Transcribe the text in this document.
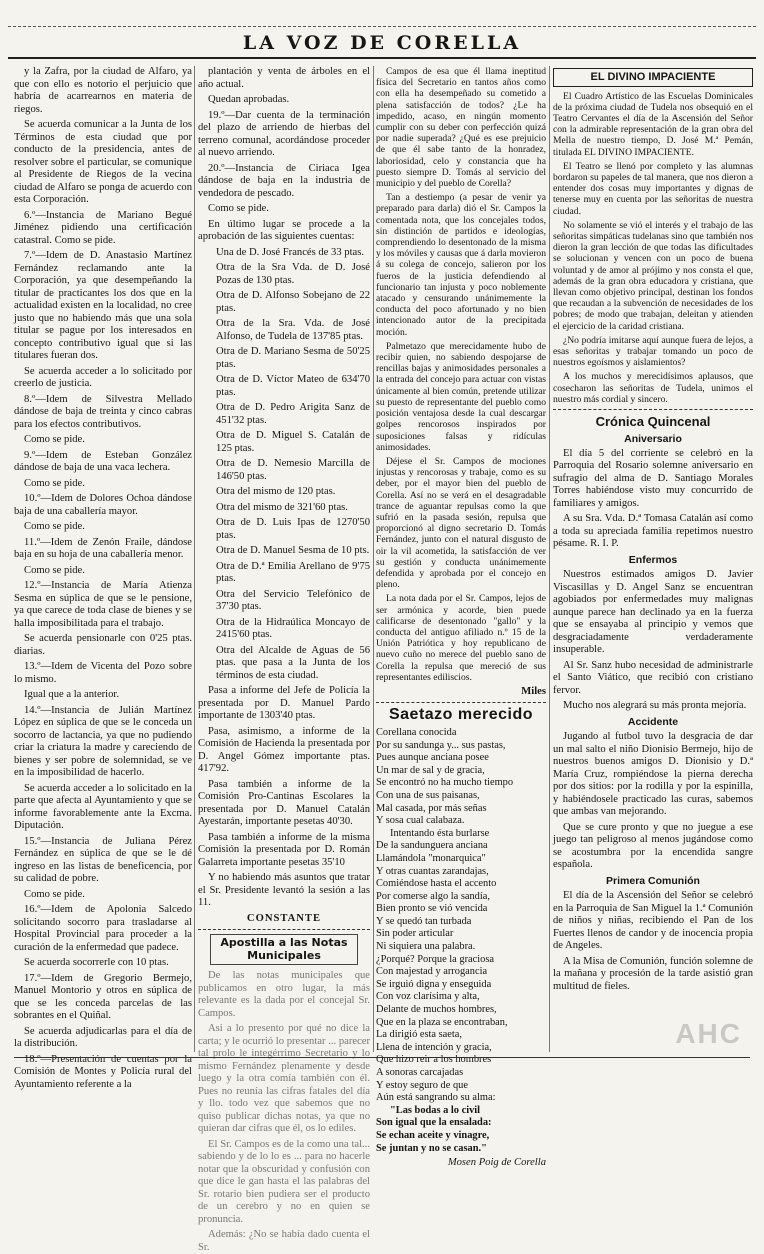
LA VOZ DE CORELLA

y la Zafra, por la ciudad de Alfaro, ya que con ello es notorio el perjuicio que habría de acarrearnos en materia de riegos.

Se acuerda comunicar a la Junta de los Términos de esta ciudad que por conducto de la presidencia, antes de resolver sobre el particular, se comunique al Presidente de Riegos de la vecina ciudad de Alfaro se ponga de acuerdo con esta Corporación.

6.º—Instancia de Mariano Begué Jiménez pidiendo una certificación catastral. Como se pide.

7.º—Idem de D. Anastasio Martínez Fernández reclamando ante la Corporación, ya que desempeñando la titular de practicantes los dos que en la actualidad existen en la localidad, no cree justo que no habiendo más que una sola titular se pague por los interesados en concepto contributivo igual que si las titulares fueran dos.

Se acuerda acceder a lo solicitado por creerlo de justicia.

8.º—Idem de Silvestra Mellado dándose de baja de treinta y cinco cabras para los efectos contributivos.

Como se pide.

9.º—Idem de Esteban González dándose de baja de una vaca lechera.

Como se pide.

10.º—Idem de Dolores Ochoa dándose baja de una caballería mayor.

Como se pide.

11.º—Idem de Zenón Fraile, dándose baja en su hoja de una caballería menor.

Como se pide.

12.º—Instancia de María Atienza Sesma en súplica de que se le pensione, ya que carece de toda clase de bienes y se halla imposibilitada para el trabajo.

Se acuerda pensionarle con 0'25 ptas. diarias.

13.º—Idem de Vicenta del Pozo sobre lo mismo.

Igual que a la anterior.

14.º—Instancia de Julián Martínez López en súplica de que se le conceda un socorro de lactancia, ya que no pudiendo criar la criatura la madre y careciendo de bienes y ser pobre de solemnidad, se ve en la imposibilidad de hacerlo.

Se acuerda acceder a lo solicitado en la parte que afecta al Ayuntamiento y que se informe favorablemente ante la Excma. Diputación.

15.º—Instancia de Juliana Pérez Fernández en súplica de que se le dé ingreso en las listas de beneficencia, por su calidad de pobre.

Como se pide.

16.º—Idem de Apolonia Salcedo solicitando socorro para trasladarse al Hospital Provincial para proceder a la curación de la enfermedad que padece.

Se acuerda socorrerle con 10 ptas.

17.º—Idem de Gregorio Bermejo, Manuel Montorio y otros en súplica de que se les conceda parcelas de las sobrantes en el Quiñal.

Se acuerda adjudicarlas para el día de la distribución.

18.º—Presentación de cuentas por la Comisión de Montes y Policía rural del Ayuntamiento referente a la

plantación y venta de árboles en el año actual.

Quedan aprobadas.

19.º—Dar cuenta de la terminación del plazo de arriendo de hierbas del terreno comunal, acordándose proceder al nuevo arriendo.

20.º—Instancia de Ciriaca Igea dándose de baja en la industria de vendedora de pescado.

Como se pide.

En último lugar se procede a la aprobación de las siguientes cuentas:

Una de D. José Francés de 33 ptas.

Otra de la Sra Vda. de D. José Pozas de 130 ptas.

Otra de D. Alfonso Sobejano de 22 ptas.

Otra de la Sra. Vda. de José Alfonso, de Tudela de 137'85 ptas.

Otra de D. Mariano Sesma de 50'25 ptas.

Otra de D. Víctor Mateo de 634'70 ptas.

Otra de D. Pedro Arigita Sanz de 451'32 ptas.

Otra de D. Miguel S. Catalán de 125 ptas.

Otra de D. Nemesio Marcilla de 146'50 ptas.

Otra del mismo de 120 ptas.

Otra del mismo de 321'60 ptas.

Otra de D. Luis Ipas de 1270'50 ptas.

Otra de D. Manuel Sesma de 10 pts.

Otra de D.ª Emilia Arellano de 9'75 ptas.

Otra del Servicio Telefónico de 37'30 ptas.

Otra de la Hidraúlica Moncayo de 2415'60 ptas.

Otra del Alcalde de Aguas de 56 ptas. que pasa a la Junta de los términos de esta ciudad.

Pasa a informe del Jefe de Policía la presentada por D. Manuel Pardo importante de 1303'40 ptas.

Pasa, asimismo, a informe de la Comisión de Hacienda la presentada por D. Angel Gómez importante ptas. 417'92.

Pasa también a informe de la Comisión Pro-Cantinas Escolares la presentada por D. Manuel Catalán Ayestarán, importante pesetas 40'30.

Pasa también a informe de la misma Comisión la presentada por D. Román Galarreta importante pesetas 35'10

Y no habiendo más asuntos que tratar el Sr. Presidente levantó la sesión a las 11.

CONSTANTE
Apostilla a las Notas Municipales

De las notas municipales que publicamos en otro lugar, la más relevante es la dada por el concejal Sr. Campos.

Asi a lo presento por qué no dice la carta; y le ocurrió lo presentar ... parecer tal prolo le integérrimo Secretario y lo mismo Fernández plenamente y desde luego y la otra comía también con él. Pues no reunía las cifras fatales del día y llo. todo vez que sabemos que no quiso publicar dichas notas, ya que no quieran dar cifras que él, os lo ediles.

El Sr. Campos es de la como una tal... sabiendo y de lo lo es ... para no hacerle notar que la obscuridad y confusión con que dice le gan hasta el las palabras del Sr. rotario bien pudiera ser el producto de un cerebro y no en quien se pronuncia.

Además: ¿No se había dado cuenta el Sr.

Campos de esa que él llama ineptitud física del Secretario en tantos años como con ella ha desempeñado su cometido a plena satisfacción de todos? ¿Le ha impedido, acaso, en ningún momento cumplir con su deber con perfección quizá por nadie superada? ¿Qué es ese prejuicio de que él sabe tanto de la honradez, laboriosidad, celo y constancia que ha puesto siempre D. Tomás al servicio del municipio y del pueblo de Corella?

Tan a destiempo (a pesar de venir ya preparado para darla) dió el Sr. Campos la comentada nota, que los concejales todos, sin distinción de partidos e ideologías, comprendiendo lo desentonado de la misma y los móviles y causas que á darla movieron á su colega de concejo, salieron por los fueros de la justicia defendiendo al funcionario tan injusta y poco noblemente atacado y censurando unánimemente la conducta del poco afortunado y no bien intencionado autor de la precipitada moción.

Palmetazo que merecidamente hubo de recibir quien, no sabiendo despojarse de rencillas bajas y animosidades personales a la entrada del concejo para actuar con vistas únicamente al bien común, pretende utilizar su puesto de representante del pueblo como posición ventajosa desde la cual descargar golpes rencorosos inspirados por suposiciones falsas y ridículas animosidades.

Déjese el Sr. Campos de mociones injustas y rencorosas y trabaje, como es su deber, por el mayor bien del pueblo de Corella. Así no se verá en el desagradable trance de aguantar repulsas como la que sufrió en la pasada sesión, repulsa que proporcionó al digno secretario D. Tomás Fernández, junto con el natural disgusto de oir la vil acometida, la satisfacción de ver su gestión y conducta unánimemente defendida y aprobada por el concejo en pleno.

La nota dada por el Sr. Campos, lejos de ser armónica y acorde, bien puede calificarse de desentonado "gallo" y la conducta del antiguo afiliado n.º 15 de la Unión Patriótica y hoy republicano de nuevo cuño no merece del pueblo sano de Corella la repulsa que mereció de sus representantes ediliscios.

Miles
Saetazo merecido

Corellana conocida

Por su sandunga y... sus pastas,

Pues aunque anciana posee

Un mar de sal y de gracia,

Se encontró no ha mucho tiempo

Con una de sus paisanas,

Mal casada, por más señas

Y sosa cual calabaza.

Intentando ésta burlarse

De la sandunguera anciana

Llamándola "monarquica"

Y otras cuantas zarandajas,

Comiéndose hasta el accento

Por comerse algo la sandía,

Bien pronto se vió vencida

Y se quedó tan turbada

Sin poder articular

Ni siquiera una palabra.

¿Porqué? Porque la graciosa

Con majestad y arrogancia

Se irguió digna y enseguida

Con voz clarísima y alta,

Delante de muchos hombres,

Que en la plaza se encontraban,

La dirigió esta saeta,

Llena de intención y gracia,

Que hizo reir a los hombres

A sonoras carcajadas

Y estoy seguro de que

Aún está sangrando su alma:

"Las bodas a lo civil

Son igual que la ensalada:

Se echan aceite y vinagre,

Se juntan y no se casan."

Mosen Poig de Corella
EL DIVINO IMPACIENTE

El Cuadro Artístico de las Escuelas Dominicales de la próxima ciudad de Tudela nos obsequió en el Teatro Cervantes el día de la Ascensión del Señor con la admirable representación de la gran obra del Mella de nuestro tiempo, D. José M.ª Pemán, titulada EL DIVINO IMPACIENTE.

El Teatro se llenó por completo y las alumnas bordaron su papeles de tal manera, que nos dieron a entender dos cosas muy importantes y dignas de tenerse muy en cuenta por las señoritas de nuestra ciudad.

No solamente se vió el interés y el trabajo de las señoritas simpáticas tudelanas sino que también nos dieron la gran lección de que todas las dificultades se solucionan y vencen con un poco de buena voluntad y de amor al prójimo y nos consta el que, además de la gran obra educadora y cristiana, que llevan como objetivo principal, destinan los fondos que recaudan a la subvención de necesidades de los pobres; de modo que trabajan, deleitan y atienden el ejercicio de la caridad cristiana.

¿No podría imitarse aquí aunque fuera de lejos, a esas señoritas y trabajar tomando un poco de nuestros egoísmos y aislamientos?

A los muchos y merecidísimos aplausos, que cosecharon las señoritas de Tudela, unimos el nuestro más cordial y sincero.

Crónica Quincenal
Aniversario

El día 5 del corriente se celebró en la Parroquia del Rosario solemne aniversario en sufragio del alma de D. Santiago Morales Torres habiéndose visto muy concurrido de familiares y amigos.

A su Sra. Vda. D.ª Tomasa Catalán así como a toda su apreciada familia repetimos nuestro pésame. R. I. P.

Enfermos

Nuestros estimados amigos D. Javier Viscasillas y D. Angel Sanz se encuentran agobiados por enfermedades muy malignas aunque parece han declinado ya en la fuerza que se ensayaba al principio y vemos que desgraciadamente verdaderamente insuperable.

Al Sr. Sanz hubo necesidad de administrarle el Santo Viático, que recibió con cristiano fervor.

Mucho nos alegrará su más pronta mejoría.

Accidente

Jugando al futbol tuvo la desgracia de dar un mal salto el niño Dionisio Bermejo, hijo de nuestros buenos amigos D. Dionisio y D.ª María Cruz, rompiéndose la pierna derecha por dos sitios: por la rodilla y por la espinilla, y habiéndosele practicado las curas, sabemos que ambas van mejorando.

Que se cure pronto y que no juegue a ese juego tan peligroso al menos jugándose como se acostumbra por la encendida sangre española.

Primera Comunión

El día de la Ascensión del Señor se celebró en la Parroquia de San Miguel la 1.ª Comunión de niños y niñas, recibiendo el Pan de los Fuertes llenos de candor y de inocencia propia de Angeles.

A la Misa de Comunión, función solemne de la mañana y procesión de la tarde asistió gran multitud de fieles.

AHC
